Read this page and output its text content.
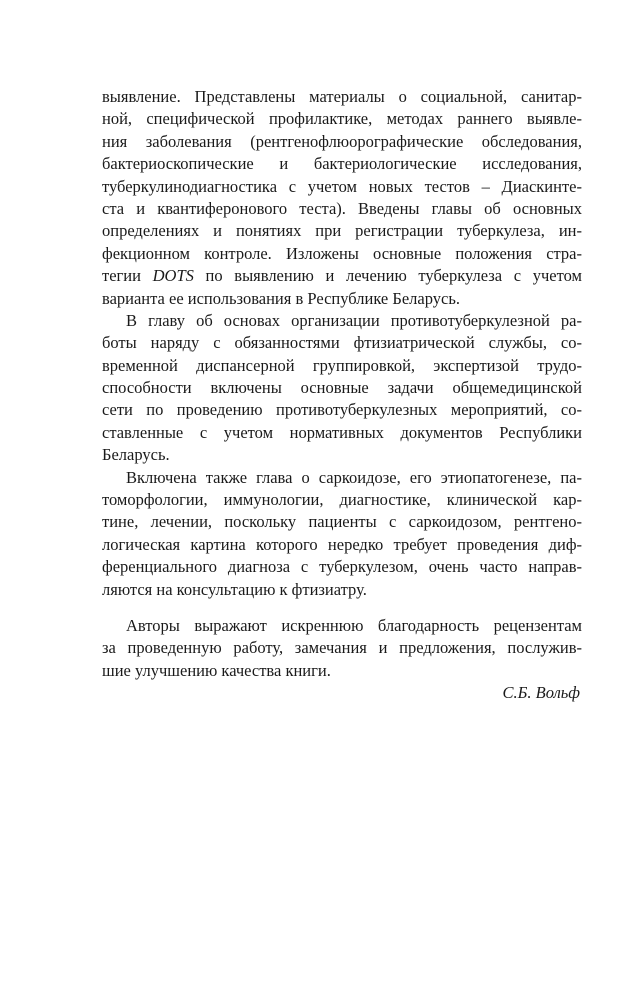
выявление. Представлены материалы о социальной, санитар-
ной, специфической профилактике, методах раннего выявле-
ния заболевания (рентгенофлюорографические обследования,
бактериоскопические и бактериологические исследования,
туберкулинодиагностика с учетом новых тестов – Диаскинте-
ста и квантиферонового теста). Введены главы об основных
определениях и понятиях при регистрации туберкулеза, ин-
фекционном контроле. Изложены основные положения стра-
тегии DOTS по выявлению и лечению туберкулеза с учетом
варианта ее использования в Республике Беларусь.
В главу об основах организации противотуберкулезной ра-
боты наряду с обязанностями фтизиатрической службы, со-
временной диспансерной группировкой, экспертизой трудо-
способности включены основные задачи общемедицинской
сети по проведению противотуберкулезных мероприятий, со-
ставленные с учетом нормативных документов Республики
Беларусь.
Включена также глава о саркоидозе, его этиопатогенезе, па-
томорфологии, иммунологии, диагностике, клинической кар-
тине, лечении, поскольку пациенты с саркоидозом, рентгено-
логическая картина которого нередко требует проведения диф-
ференциального диагноза с туберкулезом, очень часто направ-
ляются на консультацию к фтизиатру.
Авторы выражают искреннюю благодарность рецензентам
за проведенную работу, замечания и предложения, послужив-
шие улучшению качества книги.
С.Б. Вольф
